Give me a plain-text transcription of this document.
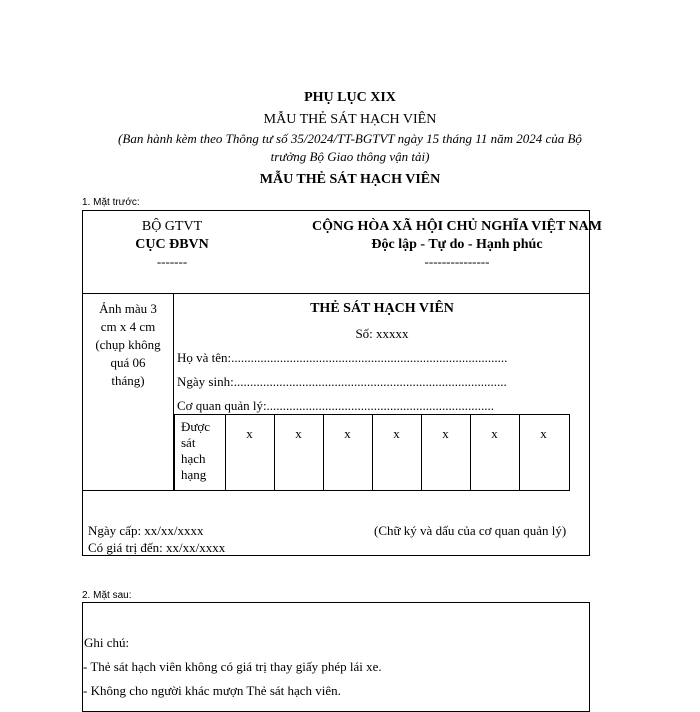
PHỤ LỤC XIX
MẪU THẺ SÁT HẠCH VIÊN
(Ban hành kèm theo Thông tư số 35/2024/TT-BGTVT ngày 15 tháng 11 năm 2024 của Bộ
trưởng Bộ Giao thông vận tải)
MẪU THẺ SÁT HẠCH VIÊN
1. Mặt trước:
BỘ GTVT
CỤC ĐBVN
-------
CỘNG HÒA XÃ HỘI CHỦ NGHĨA VIỆT NAM
Độc lập - Tự do - Hạnh phúc
---------------
Ảnh màu 3
cm x 4 cm
(chụp không
quá 06
tháng)
THẺ SÁT HẠCH VIÊN
Số: xxxxx
Họ và tên:.....................................................................................
Ngày sinh:....................................................................................
Cơ quan quản lý:......................................................................
Được
sát
hạch
hạng
x	x	x	x	x	x	x
Ngày cấp: xx/xx/xxxx
Có giá trị đến: xx/xx/xxxx
(Chữ ký và dấu của cơ quan quản lý)
2. Mặt sau:
Ghi chú:
- Thẻ sát hạch viên không có giá trị thay giấy phép lái xe.
- Không cho người khác mượn Thẻ sát hạch viên.
